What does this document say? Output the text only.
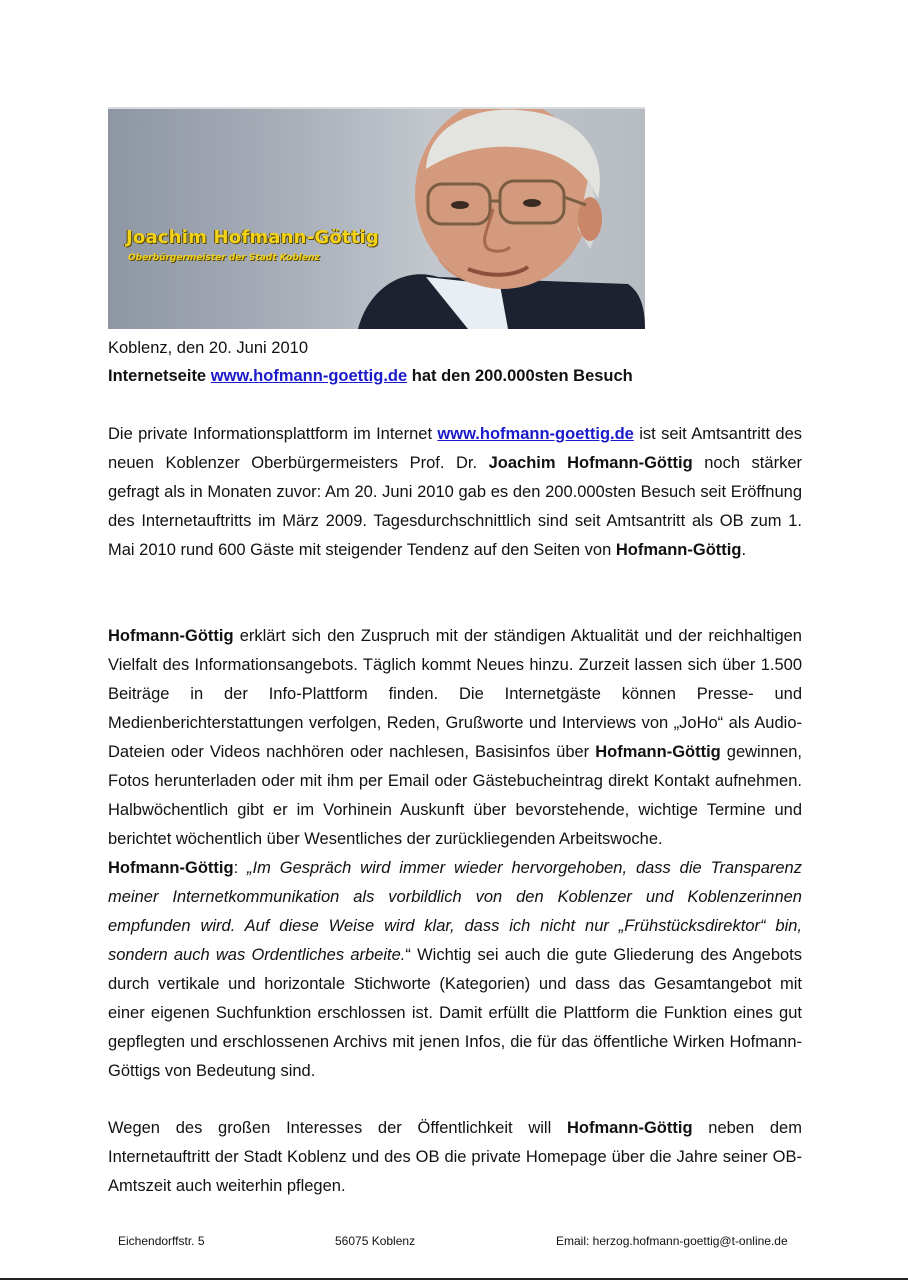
Joachim Hofmann-Göttig
Oberbürgermeister der Stadt Koblenz
Koblenz, den 20. Juni 2010
Internetseite www.hofmann-goettig.de hat den 200.000sten Besuch
Die private Informationsplattform im Internet www.hofmann-goettig.de ist seit Amtsantritt des neuen Koblenzer Oberbürgermeisters Prof. Dr. Joachim Hofmann-Göttig noch stärker gefragt als in Monaten zuvor: Am 20. Juni 2010 gab es den 200.000sten Besuch seit Eröffnung des Internetauftritts im März 2009. Tagesdurchschnittlich sind seit Amtsantritt als OB zum 1. Mai 2010 rund 600 Gäste mit steigender Tendenz auf den Seiten von Hofmann-Göttig.
Hofmann-Göttig erklärt sich den Zuspruch mit der ständigen Aktualität und der reichhaltigen Vielfalt des Informationsangebots. Täglich kommt Neues hinzu. Zurzeit lassen sich über 1.500 Beiträge in der Info-Plattform finden. Die Internetgäste können Presse- und Medienberichterstattungen verfolgen, Reden, Grußworte und Interviews von „JoHo“ als Audio-Dateien oder Videos nachhören oder nachlesen, Basisinfos über Hofmann-Göttig gewinnen, Fotos herunterladen oder mit ihm per Email oder Gästebucheintrag direkt Kontakt aufnehmen. Halbwöchentlich gibt er im Vorhinein Auskunft über bevorstehende, wichtige Termine und berichtet wöchentlich über Wesentliches der zurückliegenden Arbeitswoche.
Hofmann-Göttig: „Im Gespräch wird immer wieder hervorgehoben, dass die Transparenz meiner Internetkommunikation als vorbildlich von den Koblenzer und Koblenzerinnen empfunden wird. Auf diese Weise wird klar, dass ich nicht nur „Frühstücksdirektor“ bin, sondern auch was Ordentliches arbeite.“ Wichtig sei auch die gute Gliederung des Angebots durch vertikale und horizontale Stichworte (Kategorien) und dass das Gesamtangebot mit einer eigenen Suchfunktion erschlossen ist. Damit erfüllt die Plattform die Funktion eines gut gepflegten und erschlossenen Archivs mit jenen Infos, die für das öffentliche Wirken Hofmann-Göttigs von Bedeutung sind.
Wegen des großen Interesses der Öffentlichkeit will Hofmann-Göttig neben dem Internetauftritt der Stadt Koblenz und des OB die private Homepage über die Jahre seiner OB-Amtszeit auch weiterhin pflegen.
Eichendorffstr. 5	56075 Koblenz	Email: herzog.hofmann-goettig@t-online.de
